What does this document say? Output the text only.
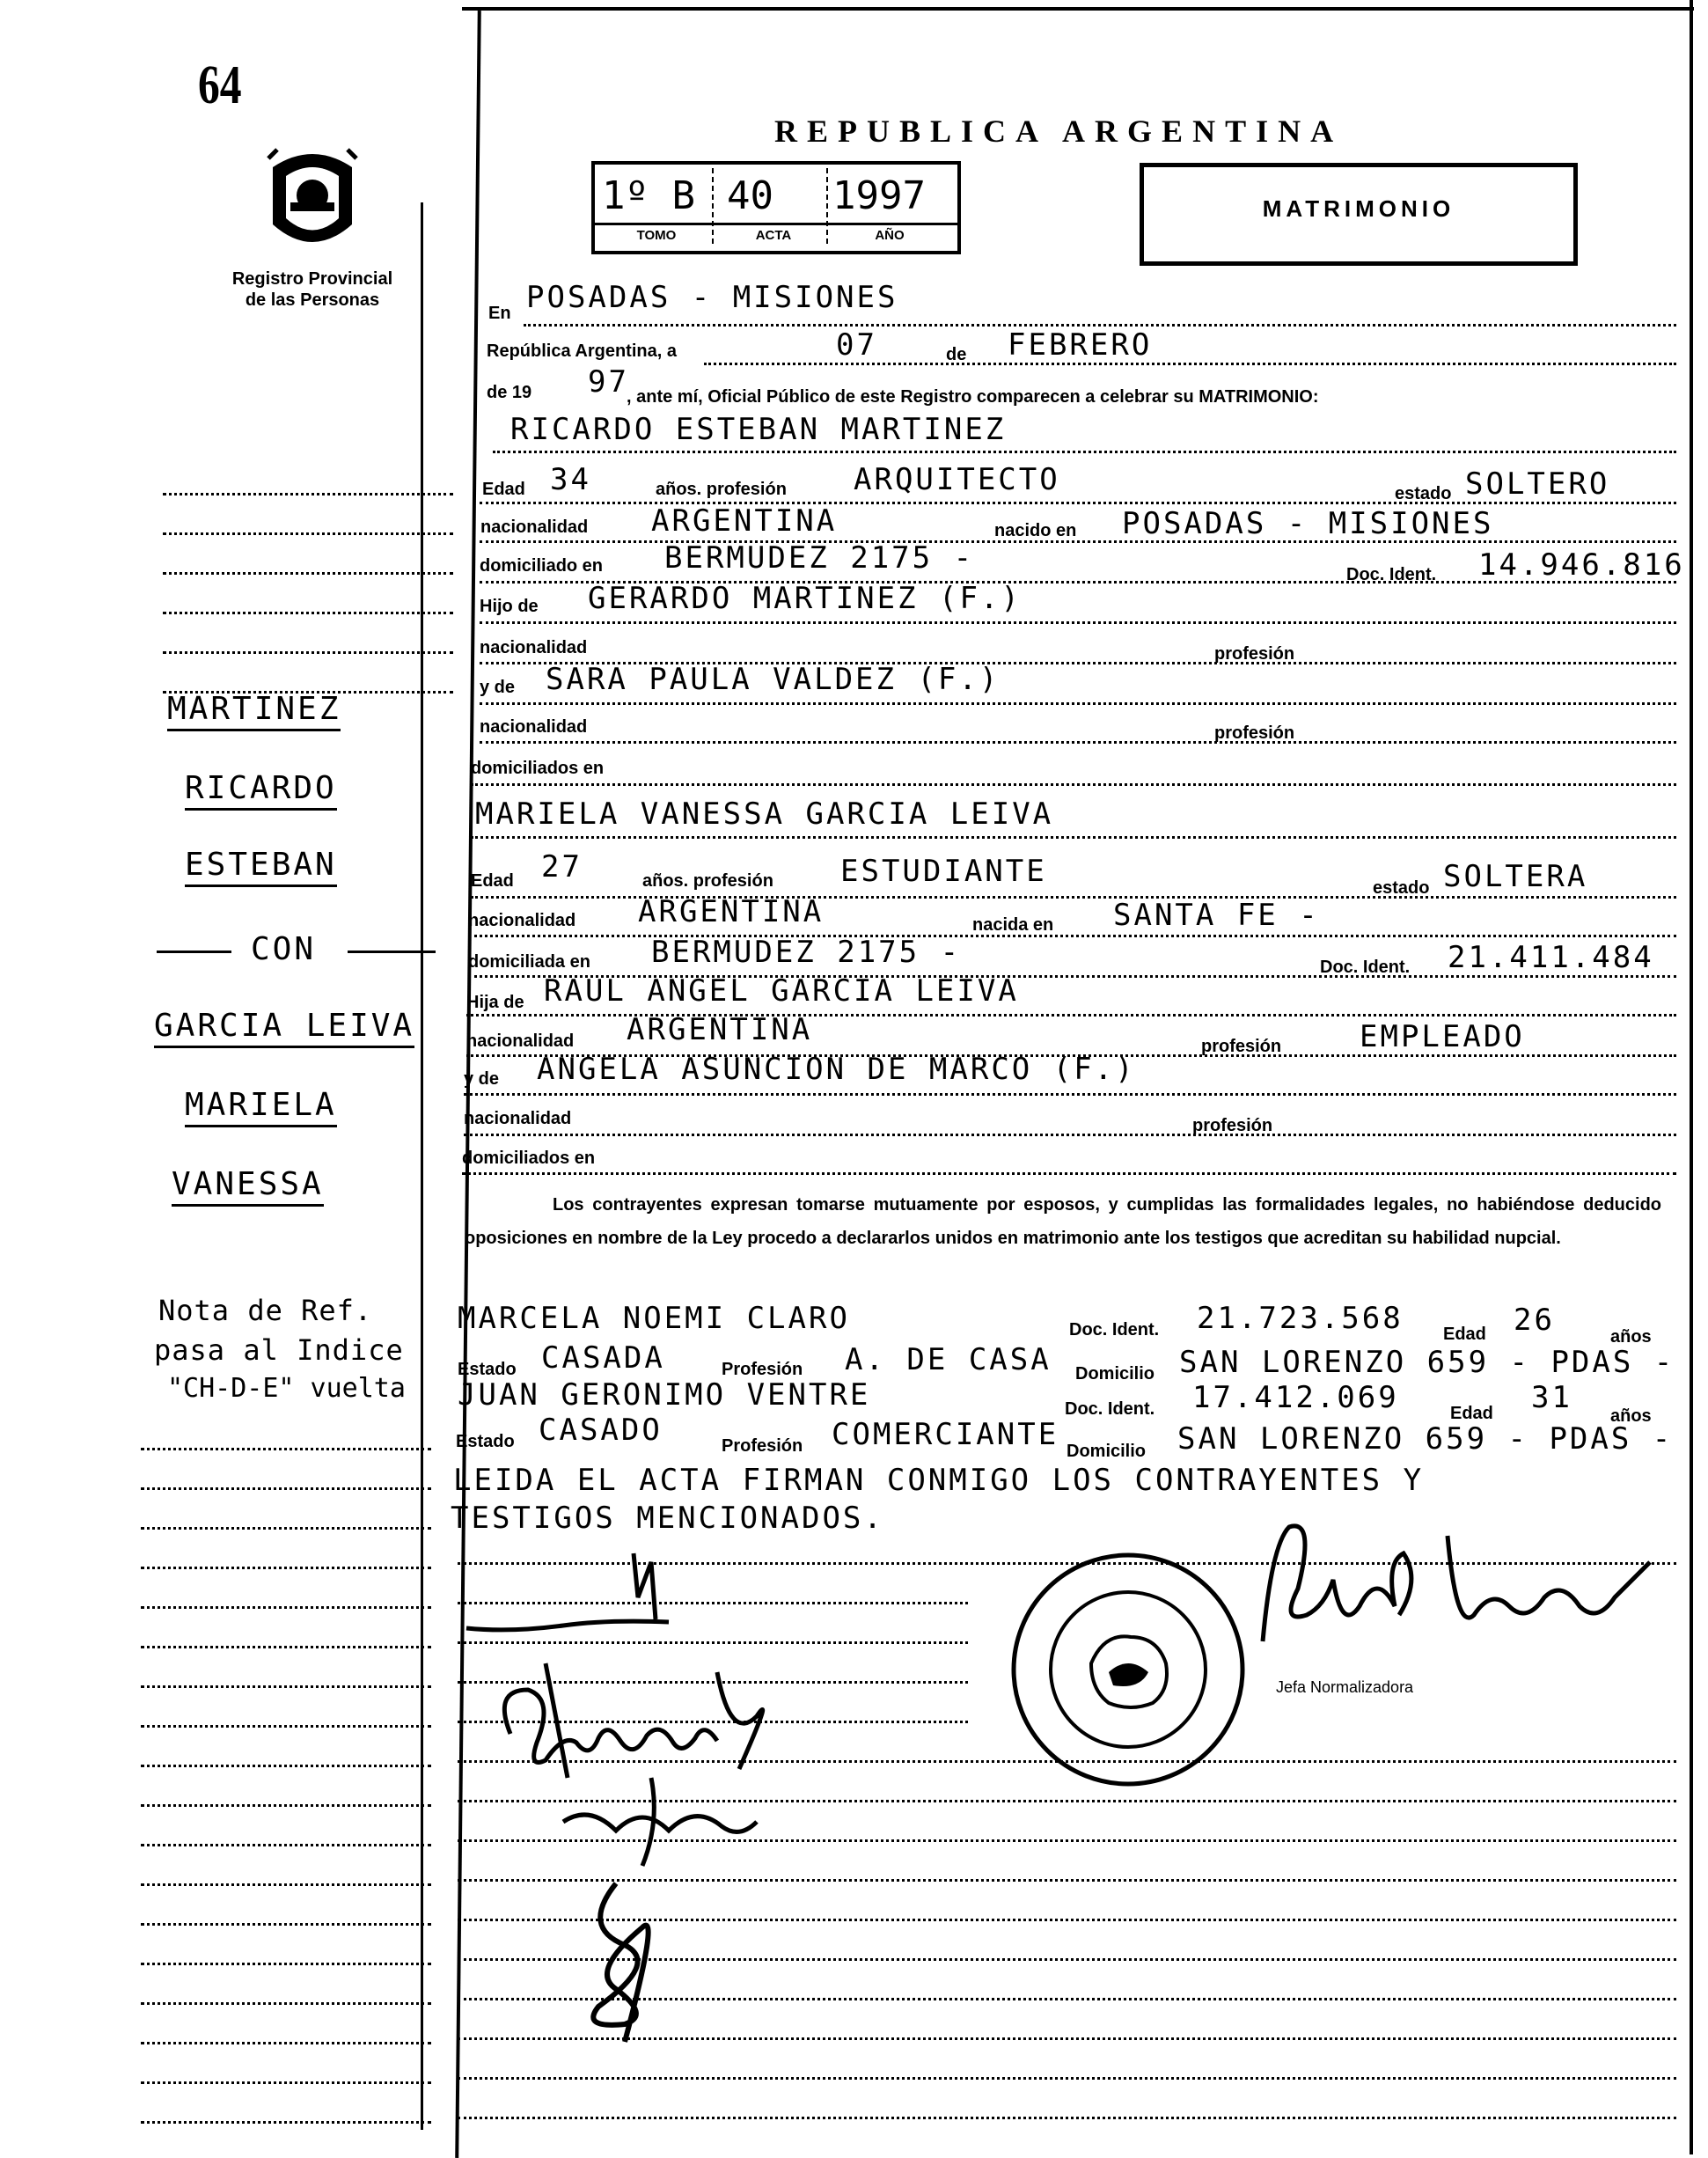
64
Registro Provincial
de las Personas
REPUBLICA ARGENTINA
1º B 40	1997
TOMO	ACTA	AÑO
MATRIMONIO
En POSADAS - MISIONES
República Argentina, a	07	de FEBRERO
de 19 97
, ante mí, Oficial Público de este Registro comparecen a celebrar su MATRIMONIO:
RICARDO ESTEBAN MARTINEZ
Edad 34	años. profesión ARQUITECTO	estado SOLTERO
nacionalidad ARGENTINA	nacido en POSADAS - MISIONES
domiciliado en BERMUDEZ 2175 -	Doc. Ident. 14.946.816
Hijo de GERARDO MARTINEZ (F.)
nacionalidad	profesión
y de SARA PAULA VALDEZ (F.)
nacionalidad	profesión
domiciliados en
MARIELA VANESSA GARCIA LEIVA
Edad 27	años. profesión ESTUDIANTE	estado SOLTERA
nacionalidad ARGENTINA	nacida en SANTA FE -
domiciliada en BERMUDEZ 2175 -	Doc. Ident. 21.411.484
Hija de RAUL ANGEL GARCIA LEIVA
nacionalidad ARGENTINA	profesión	EMPLEADO
y de ANGELA ASUNCION DE MARCO (F.)
nacionalidad	profesión
domiciliados en
Los contrayentes expresan tomarse mutuamente por esposos, y cumplidas las formalidades legales, no habiéndose deducido oposiciones en nombre de la Ley procedo a declararlos unidos en matrimonio ante los testigos que acreditan su habilidad nupcial.
MARCELA NOEMI CLARO	Doc. Ident. 21.723.568 Edad 26	años
Estado CASADA	Profesión A. DE CASA Domicilio SAN LORENZO 659 - PDAS -
JUAN GERONIMO VENTRE	Doc. Ident. 17.412.069	Edad 31
años
Estado CASADO	Profesión COMERCIANTE Domicilio SAN LORENZO 659 - PDAS -
LEIDA EL ACTA FIRMAN CONMIGO LOS CONTRAYENTES Y
TESTIGOS MENCIONADOS.
MARTINEZ
RICARDO
ESTEBAN
CON
GARCIA LEIVA
MARIELA
VANESSA
Nota de Ref.
pasa al Indice
"CH-D-E" vuelta
Jefa Normalizadora
